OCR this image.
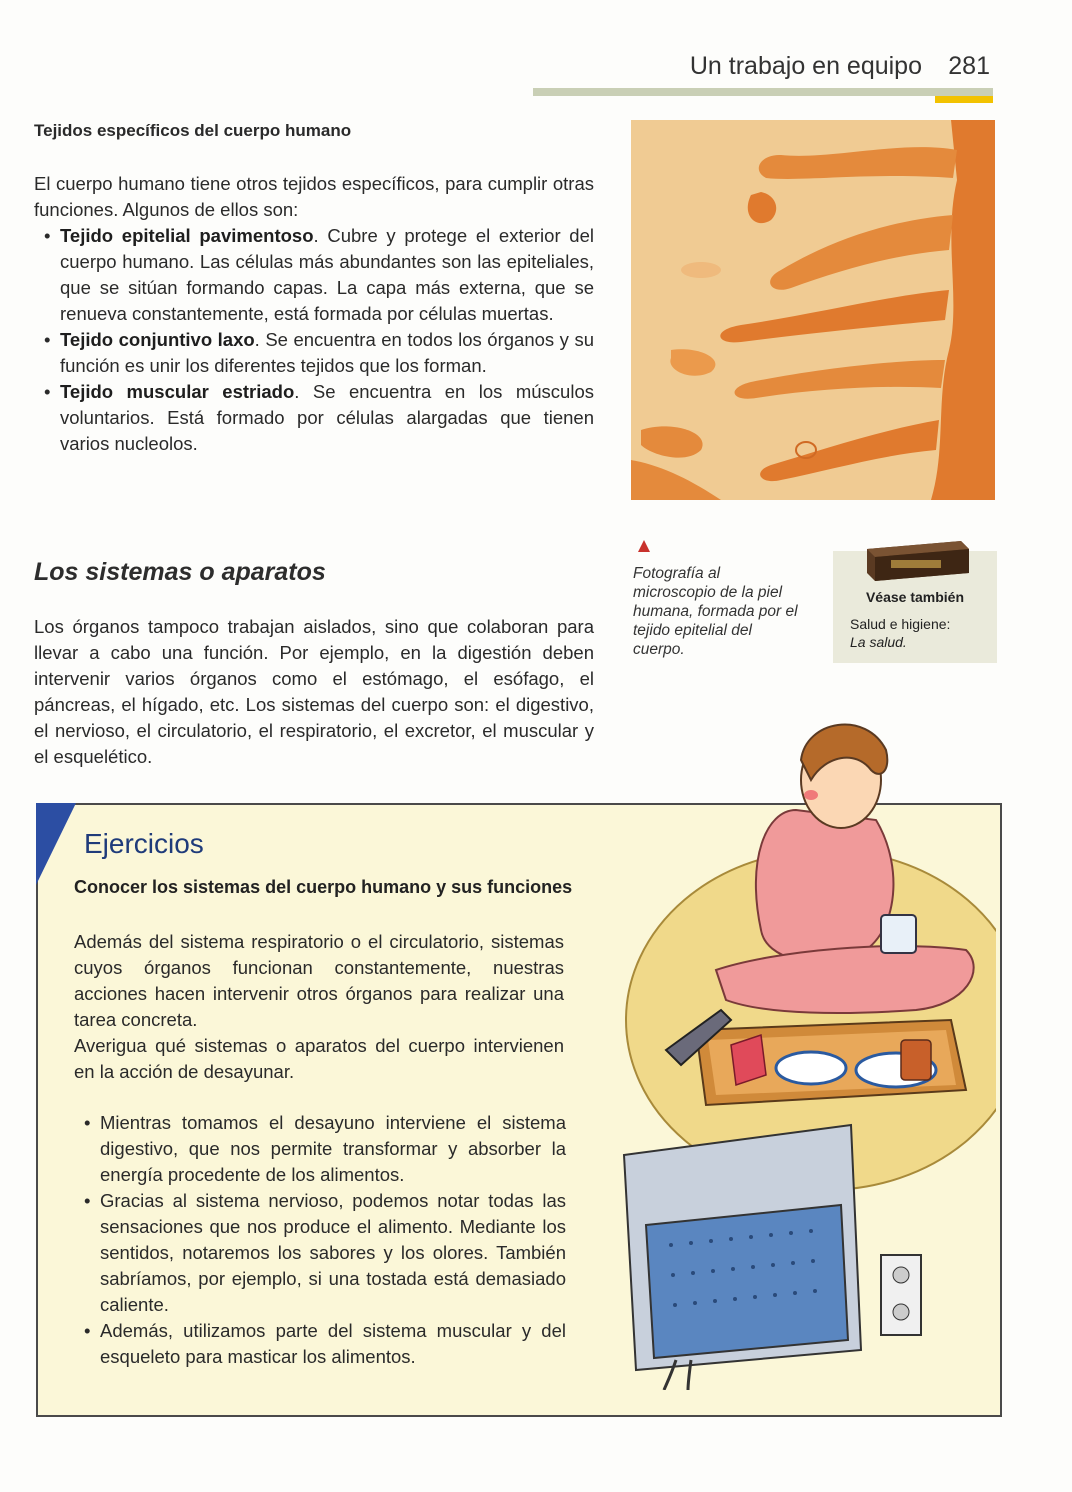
Un trabajo en equipo 281
Tejidos específicos del cuerpo humano
El cuerpo humano tiene otros tejidos específicos, para cumplir otras funciones. Algunos de ellos son:
• Tejido epitelial pavimentoso. Cubre y protege el exterior del cuerpo humano. Las células más abundantes son las epiteliales, que se sitúan formando capas. La capa más externa, que se renueva constantemente, está formada por células muertas.
• Tejido conjuntivo laxo. Se encuentra en todos los órganos y su función es unir los diferentes tejidos que los forman.
• Tejido muscular estriado. Se encuentra en los músculos voluntarios. Está formado por células alargadas que tienen varios nucleolos.
Fotografía al microscopio de la piel humana, formada por el tejido epitelial del cuerpo.
Véase también
Salud e higiene:
La salud.
Los sistemas o aparatos
Los órganos tampoco trabajan aislados, sino que colaboran para llevar a cabo una función. Por ejemplo, en la digestión deben intervenir varios órganos como el estómago, el esófago, el páncreas, el hígado, etc. Los sistemas del cuerpo son: el digestivo, el nervioso, el circulatorio, el respiratorio, el excretor, el muscular y el esquelético.
Ejercicios
Conocer los sistemas del cuerpo humano y sus funciones
Además del sistema respiratorio o el circulatorio, sistemas cuyos órganos funcionan constantemente, nuestras acciones hacen intervenir otros órganos para realizar una tarea concreta.
Averigua qué sistemas o aparatos del cuerpo intervienen en la acción de desayunar.
• Mientras tomamos el desayuno interviene el sistema digestivo, que nos permite transformar y absorber la energía procedente de los alimentos.
• Gracias al sistema nervioso, podemos notar todas las sensaciones que nos produce el alimento. Mediante los sentidos, notaremos los sabores y los olores. También sabríamos, por ejemplo, si una tostada está demasiado caliente.
• Además, utilizamos parte del sistema muscular y del esqueleto para masticar los alimentos.
